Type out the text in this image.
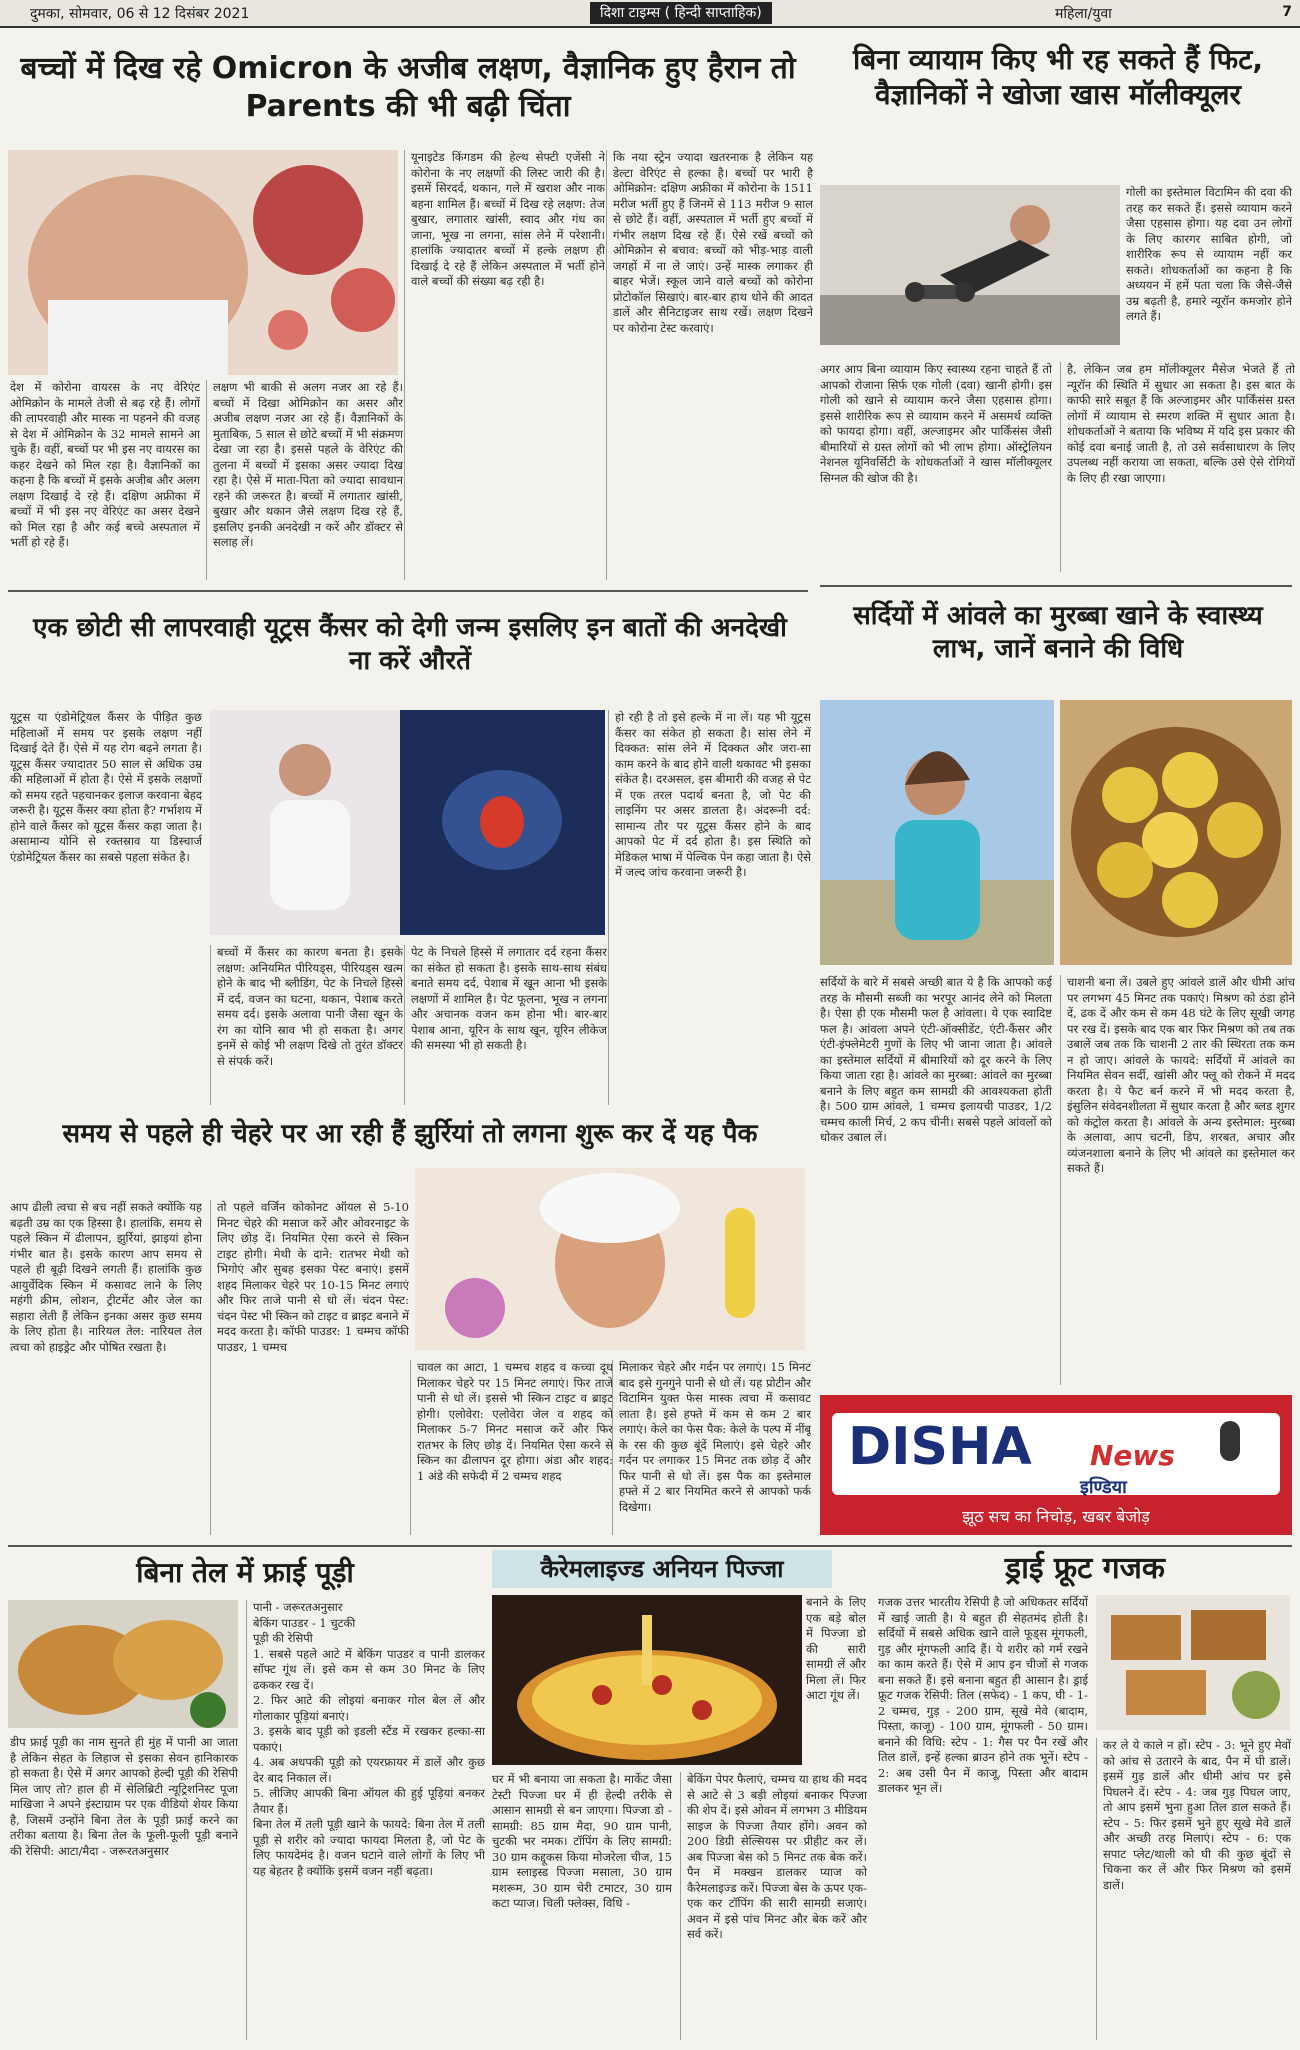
दुमका, सोमवार, 06 से 12 दिसंबर 2021	दिशा टाइम्स ( हिन्दी साप्ताहिक)	महिला/युवा	7
बच्चों में दिख रहे Omicron के अजीब लक्षण, वैज्ञानिक हुए हैरान तो Parents की भी बढ़ी चिंता
देश में कोरोना वायरस के नए वेरिएंट ओमिक्रोन के मामले तेजी से बढ़ रहे हैं। लोगों की लापरवाही और मास्क ना पहनने की वजह से देश में ओमिक्रोन के 32 मामले सामने आ चुके हैं। वहीं, बच्चों पर भी इस नए वायरस का कहर देखने को मिल रहा है। वैज्ञानिकों का कहना है कि बच्चों में इसके अजीब और अलग लक्षण दिखाई दे रहे हैं। दक्षिण अफ्रीका में बच्चों में भी इस नए वेरिएंट का असर देखने को मिल रहा है और कई बच्चे अस्पताल में भर्ती हो रहे हैं।
लक्षण भी बाकी से अलग नजर आ रहे हैं। बच्चों में दिखा ओमिक्रोन का असर और अजीब लक्षण नजर आ रहे हैं। वैज्ञानिकों के मुताबिक, 5 साल से छोटे बच्चों में भी संक्रमण देखा जा रहा है। इससे पहले के वेरिएंट की तुलना में बच्चों में इसका असर ज्यादा दिख रहा है। ऐसे में माता-पिता को ज्यादा सावधान रहने की जरूरत है। बच्चों में लगातार खांसी, बुखार और थकान जैसे लक्षण दिख रहे हैं, इसलिए इनकी अनदेखी न करें और डॉक्टर से सलाह लें।
यूनाइटेड किंगडम की हेल्थ सेफ्टी एजेंसी ने कोरोना के नए लक्षणों की लिस्ट जारी की है। इसमें सिरदर्द, थकान, गले में खराश और नाक बहना शामिल हैं। बच्चों में दिख रहे लक्षण: तेज बुखार, लगातार खांसी, स्वाद और गंध का जाना, भूख ना लगना, सांस लेने में परेशानी। हालांकि ज्यादातर बच्चों में हल्के लक्षण ही दिखाई दे रहे हैं लेकिन अस्पताल में भर्ती होने वाले बच्चों की संख्या बढ़ रही है।
कि नया स्ट्रेन ज्यादा खतरनाक है लेकिन यह डेल्टा वेरिएंट से हल्का है। बच्चों पर भारी है ओमिक्रोन: दक्षिण अफ्रीका में कोरोना के 1511 मरीज भर्ती हुए हैं जिनमें से 113 मरीज 9 साल से छोटे हैं। वहीं, अस्पताल में भर्ती हुए बच्चों में गंभीर लक्षण दिख रहे हैं। ऐसे रखें बच्चों को ओमिक्रोन से बचाव: बच्चों को भीड़-भाड़ वाली जगहों में ना ले जाएं। उन्हें मास्क लगाकर ही बाहर भेजें। स्कूल जाने वाले बच्चों को कोरोना प्रोटोकॉल सिखाएं। बार-बार हाथ धोने की आदत डालें और सैनिटाइजर साथ रखें। लक्षण दिखने पर कोरोना टेस्ट करवाएं।
बिना व्यायाम किए भी रह सकते हैं फिट, वैज्ञानिकों ने खोजा खास मॉलीक्यूलर
गोली का इस्तेमाल विटामिन की दवा की तरह कर सकते हैं। इससे व्यायाम करने जैसा एहसास होगा। यह दवा उन लोगों के लिए कारगर साबित होगी, जो शारीरिक रूप से व्यायाम नहीं कर सकते। शोधकर्ताओं का कहना है कि अध्ययन में हमें पता चला कि जैसे-जैसे उम्र बढ़ती है, हमारे न्यूरॉन कमजोर होने लगते हैं।
अगर आप बिना व्यायाम किए स्वास्थ्य रहना चाहते हैं तो आपको रोजाना सिर्फ एक गोली (दवा) खानी होगी। इस गोली को खाने से व्यायाम करने जैसा एहसास होगा। इससे शारीरिक रूप से व्यायाम करने में असमर्थ व्यक्ति को फायदा होगा। वहीं, अल्जाइमर और पार्किंसंस जैसी बीमारियों से ग्रस्त लोगों को भी लाभ होगा। ऑस्ट्रेलियन नेशनल यूनिवर्सिटी के शोधकर्ताओं ने खास मॉलीक्यूलर सिग्नल की खोज की है।
है, लेकिन जब हम मॉलीक्यूलर मैसेज भेजते हैं तो न्यूरॉन की स्थिति में सुधार आ सकता है। इस बात के काफी सारे सबूत हैं कि अल्जाइमर और पार्किंसंस ग्रस्त लोगों में व्यायाम से स्मरण शक्ति में सुधार आता है। शोधकर्ताओं ने बताया कि भविष्य में यदि इस प्रकार की कोई दवा बनाई जाती है, तो उसे सर्वसाधारण के लिए उपलब्ध नहीं कराया जा सकता, बल्कि उसे ऐसे रोगियों के लिए ही रखा जाएगा।
एक छोटी सी लापरवाही यूट्रस कैंसर को देगी जन्म इसलिए इन बातों की अनदेखी ना करें औरतें
यूट्रस या एंडोमेट्रियल कैंसर के पीड़ित कुछ महिलाओं में समय पर इसके लक्षण नहीं दिखाई देते हैं। ऐसे में यह रोग बढ़ने लगता है। यूट्रस कैंसर ज्यादातर 50 साल से अधिक उम्र की महिलाओं में होता है। ऐसे में इसके लक्षणों को समय रहते पहचानकर इलाज करवाना बेहद जरूरी है। यूट्रस कैंसर क्या होता है? गर्भाशय में होने वाले कैंसर को यूट्रस कैंसर कहा जाता है। असामान्य योनि से रक्तस्राव या डिस्चार्ज एंडोमेट्रियल कैंसर का सबसे पहला संकेत है।
बच्चों में कैंसर का कारण बनता है। इसके लक्षण: अनियमित पीरियड्स, पीरियड्स खत्म होने के बाद भी ब्लीडिंग, पेट के निचले हिस्से में दर्द, वजन का घटना, थकान, पेशाब करते समय दर्द। इसके अलावा पानी जैसा खून के रंग का योनि स्राव भी हो सकता है। अगर इनमें से कोई भी लक्षण दिखे तो तुरंत डॉक्टर से संपर्क करें।
पेट के निचले हिस्से में लगातार दर्द रहना कैंसर का संकेत हो सकता है। इसके साथ-साथ संबंध बनाते समय दर्द, पेशाब में खून आना भी इसके लक्षणों में शामिल है। पेट फूलना, भूख न लगना और अचानक वजन कम होना भी। बार-बार पेशाब आना, यूरिन के साथ खून, यूरिन लीकेज की समस्या भी हो सकती है।
हो रही है तो इसे हल्के में ना लें। यह भी यूट्रस कैंसर का संकेत हो सकता है। सांस लेने में दिक्कत: सांस लेने में दिक्कत और जरा-सा काम करने के बाद होने वाली थकावट भी इसका संकेत है। दरअसल, इस बीमारी की वजह से पेट में एक तरल पदार्थ बनता है, जो पेट की लाइनिंग पर असर डालता है। अंदरूनी दर्द: सामान्य तौर पर यूट्रस कैंसर होने के बाद आपको पेट में दर्द होता है। इस स्थिति को मेडिकल भाषा में पेल्विक पेन कहा जाता है। ऐसे में जल्द जांच करवाना जरूरी है।
सर्दियों में आंवले का मुरब्बा खाने के स्वास्थ्य लाभ, जानें बनाने की विधि
सर्दियों के बारे में सबसे अच्छी बात ये है कि आपको कई तरह के मौसमी सब्जी का भरपूर आनंद लेने को मिलता है। ऐसा ही एक मौसमी फल है आंवला। ये एक स्वादिष्ट फल है। आंवला अपने एंटी-ऑक्सीडेंट, एंटी-कैंसर और एंटी-इंफ्लेमेटरी गुणों के लिए भी जाना जाता है। आंवले का इस्तेमाल सर्दियों में बीमारियों को दूर करने के लिए किया जाता रहा है। आंवले का मुरब्बा: आंवले का मुरब्बा बनाने के लिए बहुत कम सामग्री की आवश्यकता होती है। 500 ग्राम आंवले, 1 चम्मच इलायची पाउडर, 1/2 चम्मच काली मिर्च, 2 कप चीनी। सबसे पहले आंवलों को धोकर उबाल लें।
चाशनी बना लें। उबले हुए आंवले डालें और धीमी आंच पर लगभग 45 मिनट तक पकाएं। मिश्रण को ठंडा होने दें, ढक दें और कम से कम 48 घंटे के लिए सूखी जगह पर रख दें। इसके बाद एक बार फिर मिश्रण को तब तक उबालें जब तक कि चाशनी 2 तार की स्थिरता तक कम न हो जाए। आंवले के फायदे: सर्दियों में आंवले का नियमित सेवन सर्दी, खांसी और फ्लू को रोकने में मदद करता है। ये फैट बर्न करने में भी मदद करता है, इंसुलिन संवेदनशीलता में सुधार करता है और ब्लड शुगर को कंट्रोल करता है। आंवले के अन्य इस्तेमाल: मुरब्बा के अलावा, आप चटनी, डिप, शरबत, अचार और व्यंजनशाला बनाने के लिए भी आंवले का इस्तेमाल कर सकते हैं।
DISHA News
इण्डिया
झूठ सच का निचोड़, खबर बेजोड़
समय से पहले ही चेहरे पर आ रही हैं झुर्रियां तो लगना शुरू कर दें यह पैक
आप ढीली त्वचा से बच नहीं सकते क्योंकि यह बढ़ती उम्र का एक हिस्सा है। हालांकि, समय से पहले स्किन में ढीलापन, झुर्रियां, झाइयां होना गंभीर बात है। इसके कारण आप समय से पहले ही बूढ़ी दिखने लगती हैं। हालांकि कुछ आयुर्वेदिक स्किन में कसावट लाने के लिए महंगी क्रीम, लोशन, ट्रीटमेंट और जेल का सहारा लेती हैं लेकिन इनका असर कुछ समय के लिए होता है। नारियल तेल: नारियल तेल त्वचा को हाइड्रेट और पोषित रखता है।
तो पहले वर्जिन कोकोनट ऑयल से 5-10 मिनट चेहरे की मसाज करें और ओवरनाइट के लिए छोड़ दें। नियमित ऐसा करने से स्किन टाइट होगी। मेथी के दाने: रातभर मेथी को भिगोएं और सुबह इसका पेस्ट बनाएं। इसमें शहद मिलाकर चेहरे पर 10-15 मिनट लगाएं और फिर ताजे पानी से धो लें। चंदन पेस्ट: चंदन पेस्ट भी स्किन को टाइट व ब्राइट बनाने में मदद करता है। कॉफी पाउडर: 1 चम्मच कॉफी पाउडर, 1 चम्मच
चावल का आटा, 1 चम्मच शहद व कच्चा दूध मिलाकर चेहरे पर 15 मिनट लगाएं। फिर ताजे पानी से धो लें। इससे भी स्किन टाइट व ब्राइट होगी। एलोवेरा: एलोवेरा जेल व शहद को मिलाकर 5-7 मिनट मसाज करें और फिर रातभर के लिए छोड़ दें। नियमित ऐसा करने से स्किन का ढीलापन दूर होगा। अंडा और शहद: 1 अंडे की सफेदी में 2 चम्मच शहद
मिलाकर चेहरे और गर्दन पर लगाएं। 15 मिनट बाद इसे गुनगुने पानी से धो लें। यह प्रोटीन और विटामिन युक्त फेस मास्क त्वचा में कसावट लाता है। इसे हफ्ते में कम से कम 2 बार लगाएं। केले का फेस पैक: केले के पल्प में नींबू के रस की कुछ बूंदें मिलाएं। इसे चेहरे और गर्दन पर लगाकर 15 मिनट तक छोड़ दें और फिर पानी से धो लें। इस पैक का इस्तेमाल हफ्ते में 2 बार नियमित करने से आपको फर्क दिखेगा।
बिना तेल में फ्राई पूड़ी
डीप फ्राई पूड़ी का नाम सुनते ही मुंह में पानी आ जाता है लेकिन सेहत के लिहाज से इसका सेवन हानिकारक हो सकता है। ऐसे में अगर आपको हेल्दी पूड़ी की रेसिपी मिल जाए तो? हाल ही में सेलिब्रिटी न्यूट्रिशनिस्ट पूजा माखिजा ने अपने इंस्टाग्राम पर एक वीडियो शेयर किया है, जिसमें उन्होंने बिना तेल के पूड़ी फ्राई करने का तरीका बताया है। बिना तेल के फूली-फूली पूड़ी बनाने की रेसिपी: आटा/मैदा - जरूरतअनुसार
पानी - जरूरतअनुसार
बेकिंग पाउडर - 1 चुटकी
पूड़ी की रेसिपी
1. सबसे पहले आटे में बेकिंग पाउडर व पानी डालकर सॉफ्ट गूंथ लें। इसे कम से कम 30 मिनट के लिए ढककर रख दें।
2. फिर आटे की लोइयां बनाकर गोल बेल लें और गोलाकार पूड़ियां बनाएं।
3. इसके बाद पूड़ी को इडली स्टैंड में रखकर हल्का-सा पकाएं।
4. अब अधपकी पूड़ी को एयरफ्रायर में डालें और कुछ देर बाद निकाल लें।
5. लीजिए आपकी बिना ऑयल की हुई पूड़ियां बनकर तैयार हैं।
बिना तेल में तली पूड़ी खाने के फायदे: बिना तेल में तली पूड़ी से शरीर को ज्यादा फायदा मिलता है, जो पेट के लिए फायदेमंद है। वजन घटाने वाले लोगों के लिए भी यह बेहतर है क्योंकि इसमें वजन नहीं बढ़ता।
कैरेमलाइज्ड अनियन पिज्जा
बनाने के लिए एक बड़े बोल में पिज्जा डो की सारी सामग्री लें और मिला लें। फिर आटा गूंथ लें।
घर में भी बनाया जा सकता है। मार्केट जैसा टेस्टी पिज्जा घर में ही हेल्दी तरीके से आसान सामग्री से बन जाएगा। पिज्जा डो - सामग्री: 85 ग्राम मैदा, 90 ग्राम पानी, चुटकी भर नमक। टॉपिंग के लिए सामग्री: 30 ग्राम कद्दूकस किया मोजरेला चीज, 15 ग्राम स्लाइस्ड पिज्जा मसाला, 30 ग्राम मशरूम, 30 ग्राम चेरी टमाटर, 30 ग्राम कटा प्याज। चिली फ्लेक्स, विधि -
बेकिंग पेपर फैलाएं, चम्मच या हाथ की मदद से आटे से 3 बड़ी लोइयां बनाकर पिज्जा की शेप दें। इसे ओवन में लगभग 3 मीडियम साइज के पिज्जा तैयार होंगे। अवन को 200 डिग्री सेल्सियस पर प्रीहीट कर लें। अब पिज्जा बेस को 5 मिनट तक बेक करें। पैन में मक्खन डालकर प्याज को कैरेमलाइज्ड करें। पिज्जा बेस के ऊपर एक-एक कर टॉपिंग की सारी सामग्री सजाएं। अवन में इसे पांच मिनट और बेक करें और सर्व करें।
ड्राई फ्रूट गजक
गजक उत्तर भारतीय रेसिपी है जो अधिकतर सर्दियों में खाई जाती है। ये बहुत ही सेहतमंद होती है। सर्दियों में सबसे अधिक खाने वाले फूड्स मूंगफली, गुड़ और मूंगफली आदि हैं। ये शरीर को गर्म रखने का काम करते हैं। ऐसे में आप इन चीजों से गजक बना सकते हैं। इसे बनाना बहुत ही आसान है। ड्राई फ्रूट गजक रेसिपी: तिल (सफेद) - 1 कप, घी - 1-2 चम्मच, गुड़ - 200 ग्राम, सूखे मेवे (बादाम, पिस्ता, काजू) - 100 ग्राम, मूंगफली - 50 ग्राम। बनाने की विधि: स्टेप - 1: गैस पर पैन रखें और तिल डालें, इन्हें हल्का ब्राउन होने तक भूनें। स्टेप - 2: अब उसी पैन में काजू, पिस्ता और बादाम डालकर भून लें।
कर ले ये काले न हों। स्टेप - 3: भूने हुए मेवों को आंच से उतारने के बाद, पैन में घी डालें। इसमें गुड़ डालें और धीमी आंच पर इसे पिघलने दें। स्टेप - 4: जब गुड़ पिघल जाए, तो आप इसमें भुना हुआ तिल डाल सकते हैं। स्टेप - 5: फिर इसमें भुने हुए सूखे मेवे डालें और अच्छी तरह मिलाएं। स्टेप - 6: एक सपाट प्लेट/थाली को घी की कुछ बूंदों से चिकना कर लें और फिर मिश्रण को इसमें डालें।
